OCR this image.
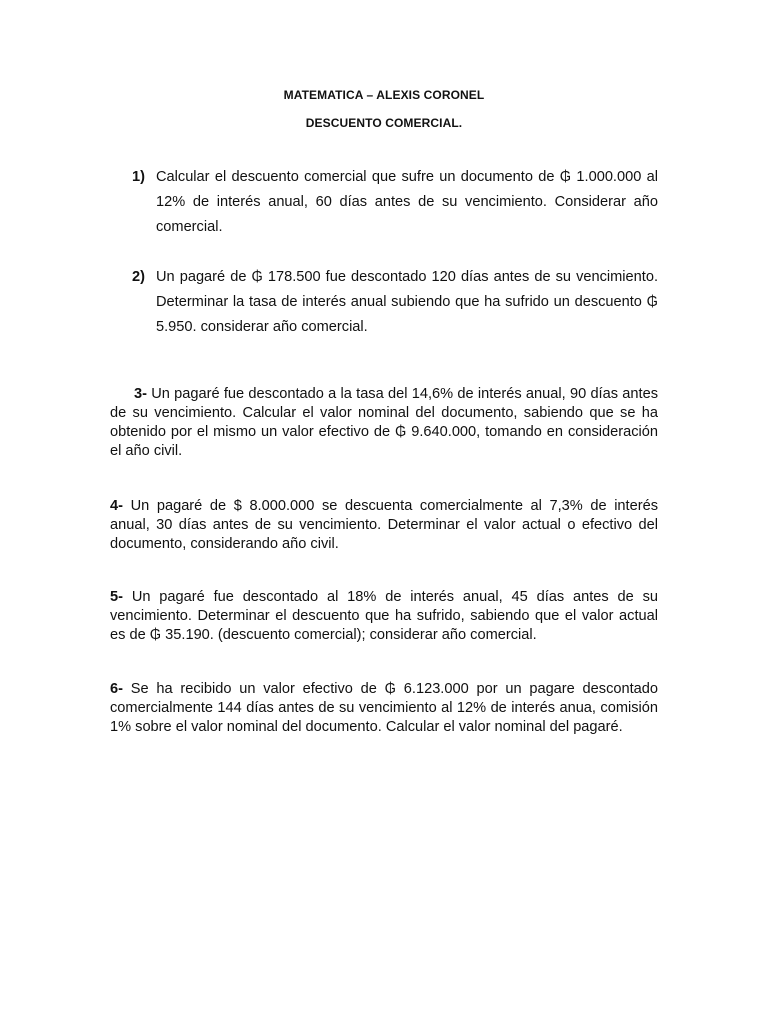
MATEMATICA – ALEXIS CORONEL
DESCUENTO COMERCIAL.
1) Calcular el descuento comercial que sufre un documento de ₲ 1.000.000 al 12% de interés anual, 60 días antes de su vencimiento. Considerar año comercial.
2) Un pagaré de ₲ 178.500 fue descontado 120 días antes de su vencimiento. Determinar la tasa de interés anual subiendo que ha sufrido un descuento ₲ 5.950. considerar año comercial.
3- Un pagaré fue descontado a la tasa del 14,6% de interés anual, 90 días antes de su vencimiento. Calcular el valor nominal del documento, sabiendo que se ha obtenido por el mismo un valor efectivo de ₲ 9.640.000, tomando en consideración el año civil.
4- Un pagaré de $ 8.000.000 se descuenta comercialmente al 7,3% de interés anual, 30 días antes de su vencimiento. Determinar el valor actual o efectivo del documento, considerando año civil.
5- Un pagaré fue descontado al 18% de interés anual, 45 días antes de su vencimiento. Determinar el descuento que ha sufrido, sabiendo que el valor actual es de ₲ 35.190. (descuento comercial); considerar año comercial.
6- Se ha recibido un valor efectivo de ₲ 6.123.000 por un pagare descontado comercialmente 144 días antes de su vencimiento al 12% de interés anua, comisión 1% sobre el valor nominal del documento. Calcular el valor nominal del pagaré.
